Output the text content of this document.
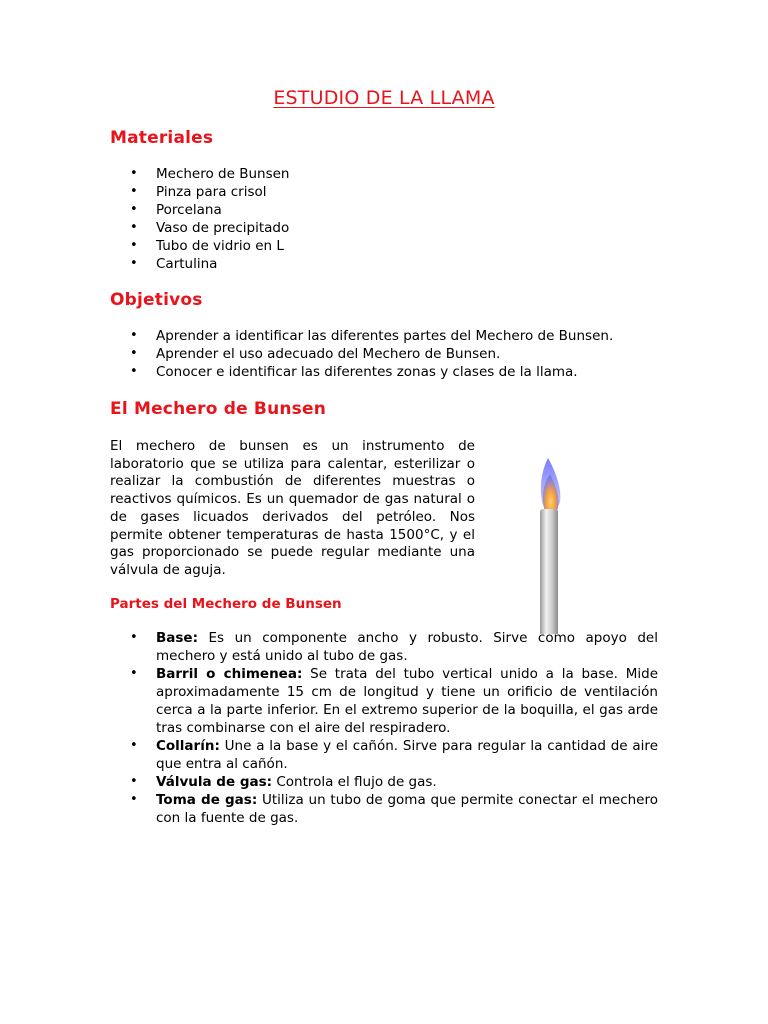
ESTUDIO DE LA LLAMA
Materiales
• Mechero de Bunsen
• Pinza para crisol
• Porcelana
• Vaso de precipitado
• Tubo de vidrio en L
• Cartulina
Objetivos
• Aprender a identificar las diferentes partes del Mechero de Bunsen.
• Aprender el uso adecuado del Mechero de Bunsen.
• Conocer e identificar las diferentes zonas y clases de la llama.
El Mechero de Bunsen

El mechero de bunsen es un instrumento de laboratorio que se utiliza para calentar, esterilizar o realizar la combustión de diferentes muestras o reactivos químicos. Es un quemador de gas natural o de gases licuados derivados del petróleo. Nos permite obtener temperaturas de hasta 1500°C, y el gas proporcionado se puede regular mediante una válvula de aguja.

Partes del Mechero de Bunsen
• Base: Es un componente ancho y robusto. Sirve como apoyo del mechero y está unido al tubo de gas.
• Barril o chimenea: Se trata del tubo vertical unido a la base. Mide aproximadamente 15 cm de longitud y tiene un orificio de ventilación cerca a la parte inferior. En el extremo superior de la boquilla, el gas arde tras combinarse con el aire del respiradero.
• Collarín: Une a la base y el cañón. Sirve para regular la cantidad de aire que entra al cañón.
• Válvula de gas: Controla el flujo de gas.
• Toma de gas: Utiliza un tubo de goma que permite conectar el mechero con la fuente de gas.
